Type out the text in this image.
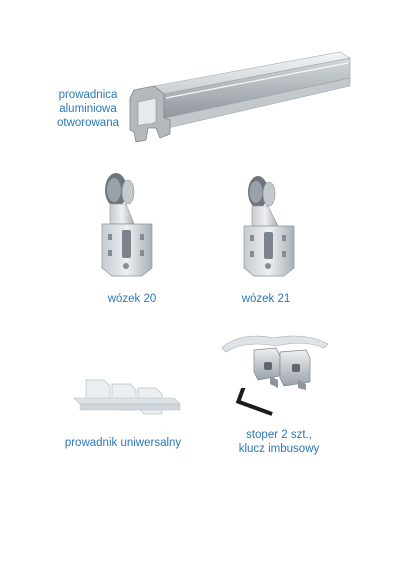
prowadnica
aluminiowa
otworowana
wózek 20	wózek 21
prowadnik uniwersalny
stoper 2 szt.,
klucz imbusowy
